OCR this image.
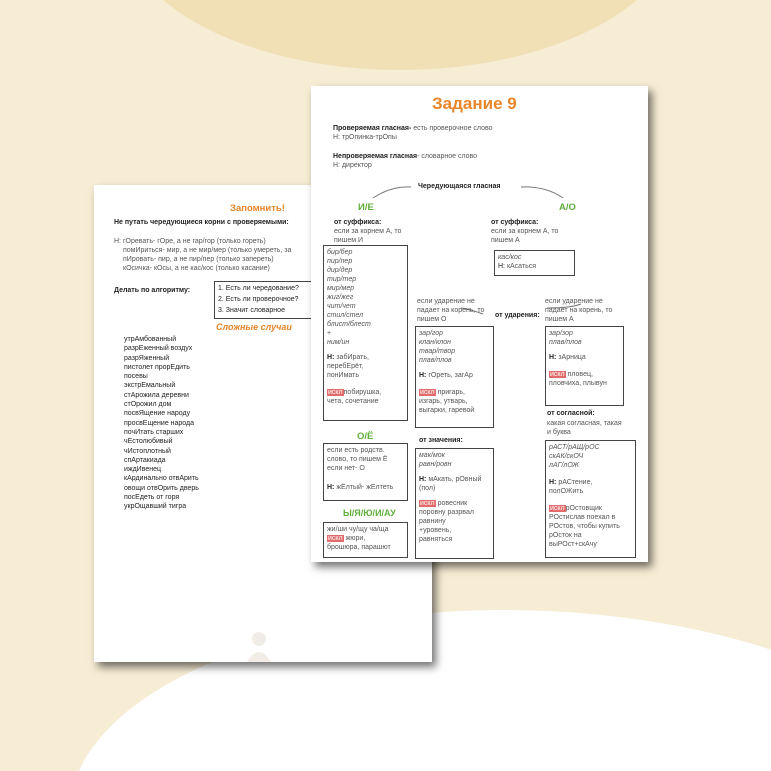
Запомнить!
Не путать чередующиеся корни с проверяемыми:
Н: гОревать- гОре, а не гар/гор (только гореть)
помИриться- мир, а не мир/мер (только умереть, за
пИровать- пир, а не пир/пер (только запереть)
кОсичка- кОсы, а не кас/кос (только касание)
Делать по алгоритму:	1. Есть ли чередование?
2. Есть ли проверочное?
3. Значит словарное
Сложные случаи
утрАмбованный
разрЕженный воздух
разрЯженный
пистолет прорЕдить
посевы
экстрЕмальный
стАрожила деревни
стОрожил дом
посвЯщение народу
просвЕщение народа
почИтать старших
чЕстолюбивый
чИстоплотный
спАртакиада
иждИвенец
кАрдинально отвАрить
овощи отвОрить дверь
посЕдеть от горя
укрОщавший тигра
Задание 9
Проверяемая гласная- есть проверочное слово
Н: трОпинка-трОпы
Непроверяемая гласная- словарное слово
Н: директор
Чередующаяся гласная
И/Е
от суффикса:
если за корнем А, то
пишем И
бир/бер
пир/пер
дир/дер
тир/тер
мир/мер
жиг/жег
чит/чет
стил/стел
блист/блест
+
ним/ин
Н: забИрать,
перебЕрёт,
понИмать
исклпобирушка,
чета, сочетание
А/О
от суффикса:
если за корнем А, то
пишем А
кас/кос
Н: кАсаться
от ударения:
если ударение не
падает на корень, то
пишем О
зар/гор
клан/клон
твар/твор
плав/плов
Н: гОреть, загАр
искл пригарь,
изгарь, утварь,
выгарки, гаревой
если ударение не
падает на корень, то
пишем А
зар/зор
плав/плов
Н: зАрница
искл пловец,
пловчиха, плывун
О/Ё
если есть родств.
слово, то пишем Ё
если нет- О
Н: жЁлтый- жЕлтеть
от значения:
мак/мок
равн/ровн
Н: мАкать, рОвный
(пол)
искл ровесник
поровну разрвал
равнину
+уровень,
равняться
от согласной:
какая согласная, такая
и буква
рАСТ/рАЩ/рОС
скАК/скОЧ
лАГ/лОЖ
Н: рАСтение,
полОЖить
исклрОстовщик
РОстислав поехал в
РОстов, чтобы купить
рОсток на
выРОст+скАчу
Ы/Я/Ю/И/АУ
жи/ши чу/щу ча/ща
искл жюри,
брошюра, парашют
